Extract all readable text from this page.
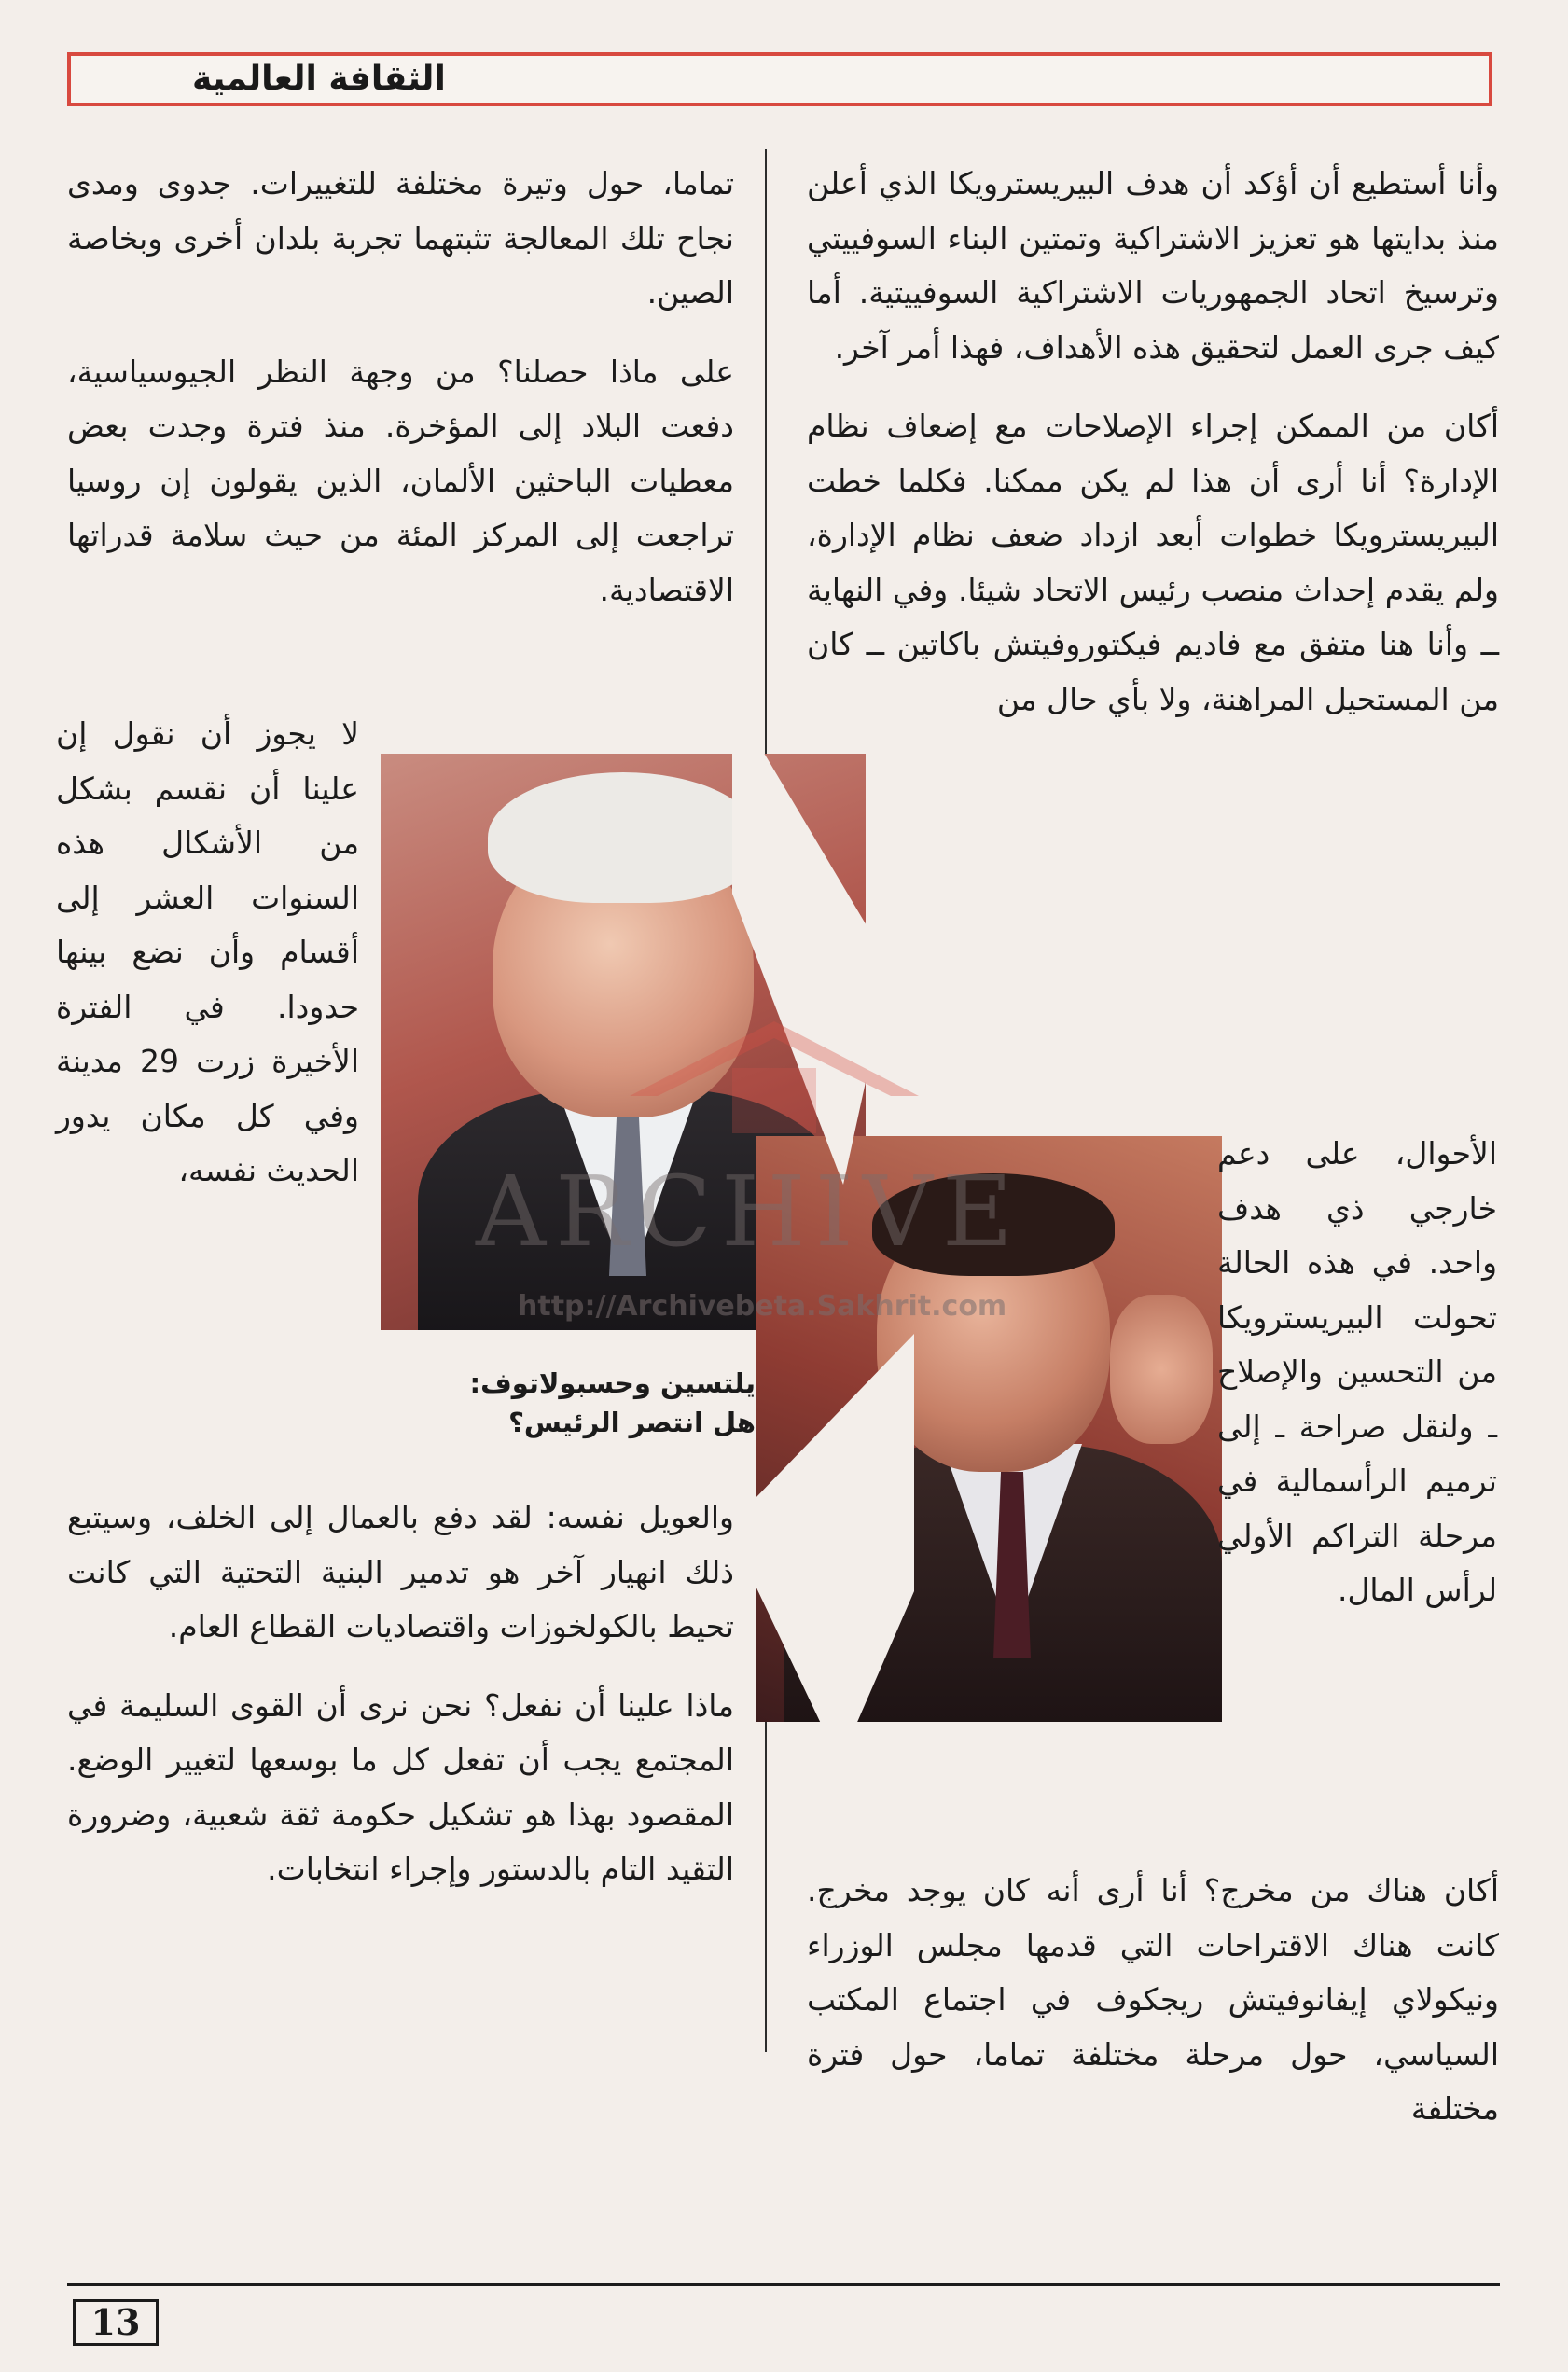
الثقافة العالمية

وأنا أستطيع أن أؤكد أن هدف البيريسترويكا الذي أعلن منذ بدايتها هو تعزيز الاشتراكية وتمتين البناء السوفييتي وترسيخ اتحاد الجمهوريات الاشتراكية السوفييتية. أما كيف جرى العمل لتحقيق هذه الأهداف، فهذا أمر آخر.

أكان من الممكن إجراء الإصلاحات مع إضعاف نظام الإدارة؟ أنا أرى أن هذا لم يكن ممكنا. فكلما خطت البيريسترويكا خطوات أبعد ازداد ضعف نظام الإدارة، ولم يقدم إحداث منصب رئيس الاتحاد شيئا. وفي النهاية ــ وأنا هنا متفق مع فاديم فيكتوروفيتش باكاتين ــ كان من المستحيل المراهنة، ولا بأي حال من

تماما، حول وتيرة مختلفة للتغييرات. جدوى ومدى نجاح تلك المعالجة تثبتهما تجربة بلدان أخرى وبخاصة الصين.

على ماذا حصلنا؟ من وجهة النظر الجيوسياسية، دفعت البلاد إلى المؤخرة. منذ فترة وجدت بعض معطيات الباحثين الألمان، الذين يقولون إن روسيا تراجعت إلى المركز المئة من حيث سلامة قدراتها الاقتصادية.

لا يجوز أن نقول إن علينا أن نقسم بشكل من الأشكال هذه السنوات العشر إلى أقسام وأن نضع بينها حدودا. في الفترة الأخيرة زرت 29 مدينة وفي كل مكان يدور الحديث نفسه،	الأحوال، على دعم خارجي ذي هدف واحد. في هذه الحالة تحولت البيريسترويكا من التحسين والإصلاح ـ ولنقل صراحة ـ إلى ترميم الرأسمالية في مرحلة التراكم الأولي لرأس المال.

يلتسين وحسبولاتوف:
هل انتصر الرئيس؟

والعويل نفسه: لقد دفع بالعمال إلى الخلف، وسيتبع ذلك انهيار آخر هو تدمير البنية التحتية التي كانت تحيط بالكولخوزات واقتصاديات القطاع العام.

ماذا علينا أن نفعل؟ نحن نرى أن القوى السليمة في المجتمع يجب أن تفعل كل ما بوسعها لتغيير الوضع. المقصود بهذا هو تشكيل حكومة ثقة شعبية، وضرورة التقيد التام بالدستور وإجراء انتخابات.

أكان هناك من مخرج؟ أنا أرى أنه كان يوجد مخرج. كانت هناك الاقتراحات التي قدمها مجلس الوزراء ونيكولاي إيفانوفيتش ريجكوف في اجتماع المكتب السياسي، حول مرحلة مختلفة تماما، حول فترة مختلفة

ARCHIVE
http://Archivebeta.Sakhrit.com
13
